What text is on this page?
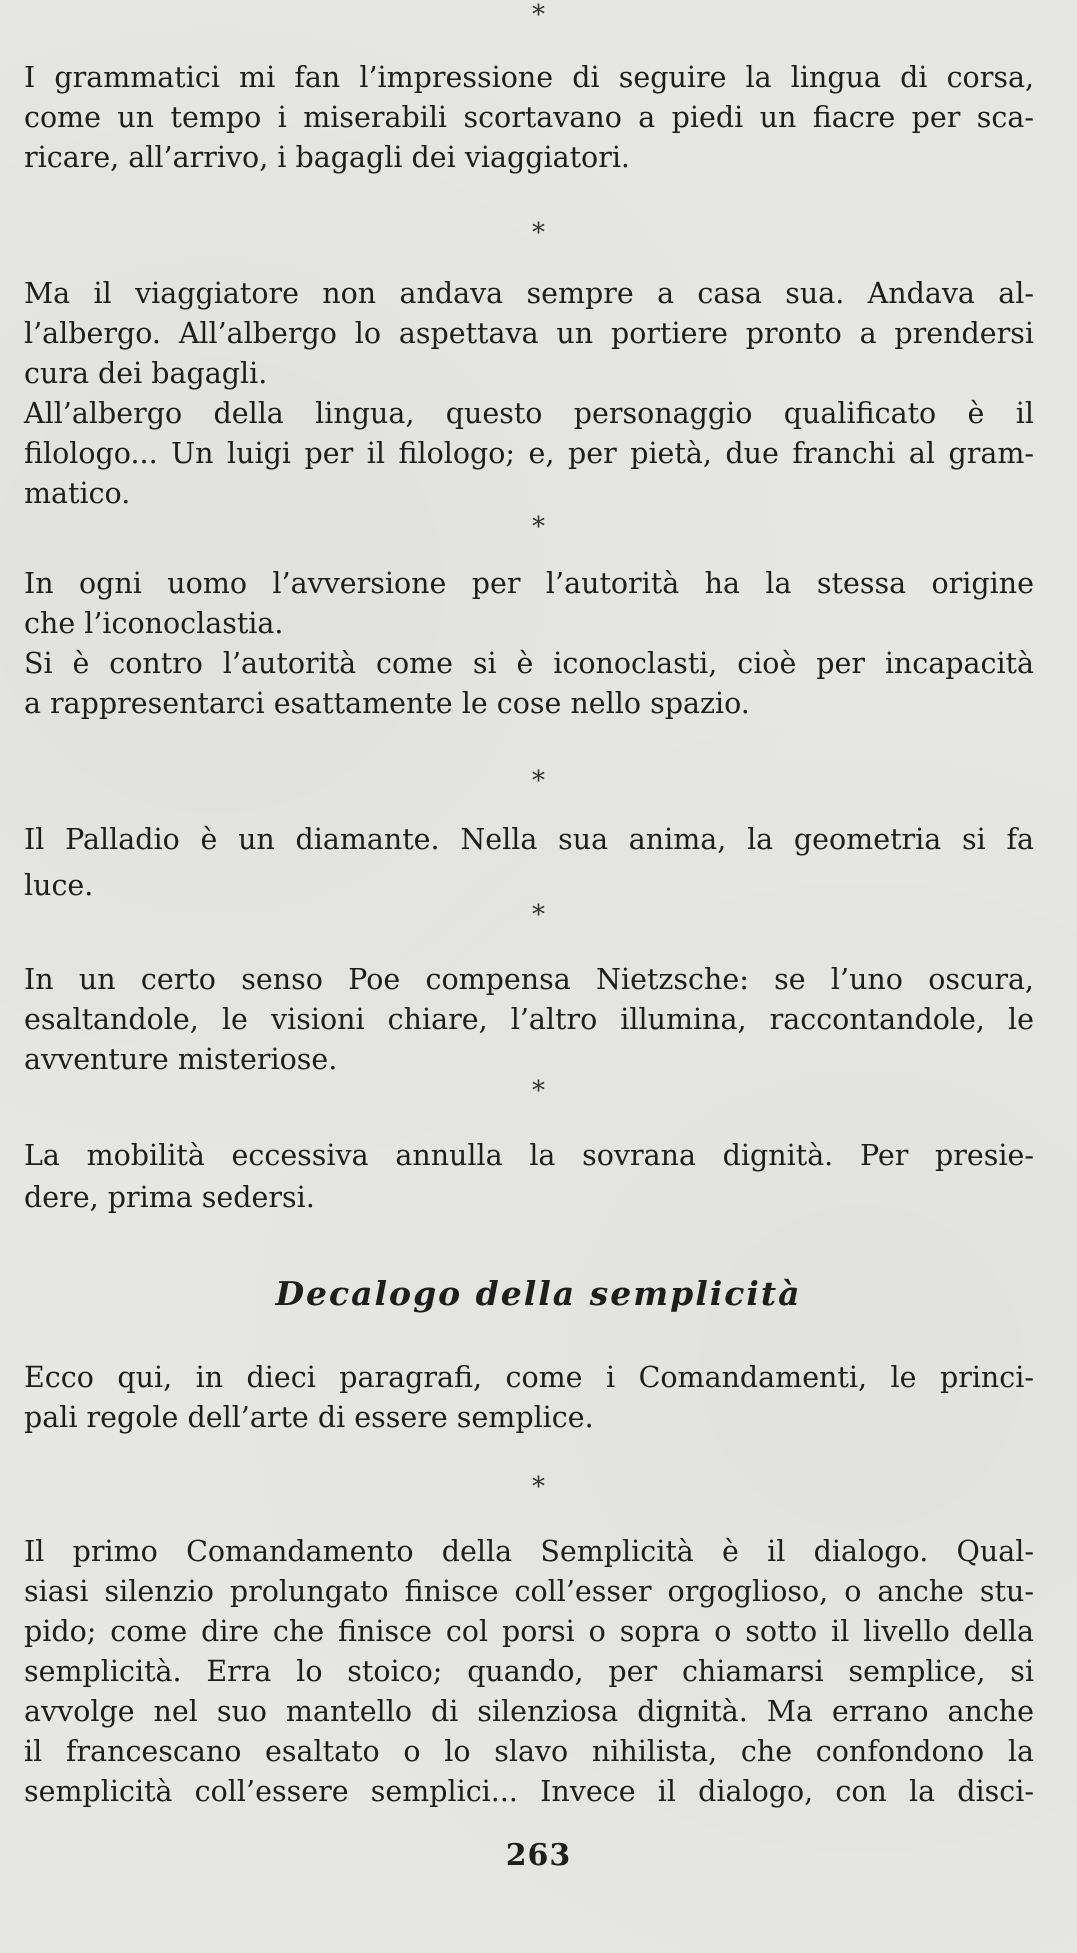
*
I grammatici mi fan l’impressione di seguire la lingua di corsa,
come un tempo i miserabili scortavano a piedi un fiacre per sca-
ricare, all’arrivo, i bagagli dei viaggiatori.
*
Ma il viaggiatore non andava sempre a casa sua. Andava al-
l’albergo. All’albergo lo aspettava un portiere pronto a prendersi
cura dei bagagli.
All’albergo della lingua, questo personaggio qualificato è il
filologo... Un luigi per il filologo; e, per pietà, due franchi al gram-
matico.
*
In ogni uomo l’avversione per l’autorità ha la stessa origine
che l’iconoclastia.
Si è contro l’autorità come si è iconoclasti, cioè per incapacità
a rappresentarci esattamente le cose nello spazio.
*
Il Palladio è un diamante. Nella sua anima, la geometria si fa
luce.
*
In un certo senso Poe compensa Nietzsche: se l’uno oscura,
esaltandole, le visioni chiare, l’altro illumina, raccontandole, le
avventure misteriose.
*
La mobilità eccessiva annulla la sovrana dignità. Per presie-
dere, prima sedersi.
Decalogo della semplicità
Ecco qui, in dieci paragrafi, come i Comandamenti, le princi-
pali regole dell’arte di essere semplice.
*
Il primo Comandamento della Semplicità è il dialogo. Qual-
siasi silenzio prolungato finisce coll’esser orgoglioso, o anche stu-
pido; come dire che finisce col porsi o sopra o sotto il livello della
semplicità. Erra lo stoico; quando, per chiamarsi semplice, si
avvolge nel suo mantello di silenziosa dignità. Ma errano anche
il francescano esaltato o lo slavo nihilista, che confondono la
semplicità coll’essere semplici... Invece il dialogo, con la disci-
263
